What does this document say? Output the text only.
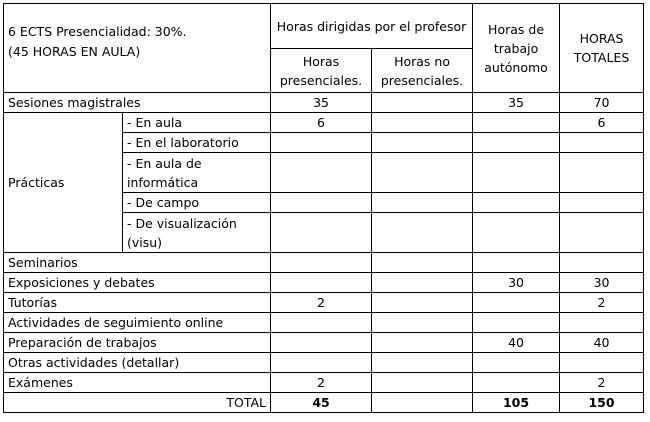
6 ECTS Presencialidad: 30%.
(45 HORAS EN AULA)		Horas dirigidas por el profesor		Horas de trabajo autónomo	HORAS TOTALES
		Horas presenciales.	Horas no presenciales.		
Sesiones magistrales		35		35	70
Prácticas	- En aula	6			6
	- En el laboratorio				
	- En aula de informática				
	- De campo				
	- De visualización (visu)				
Seminarios					
Exposiciones y debates				30	30
Tutorías		2			2
Actividades de seguimiento online					
Preparación de trabajos				40	40
Otras actividades (detallar)					
Exámenes		2			2
TOTAL		45		105	150
